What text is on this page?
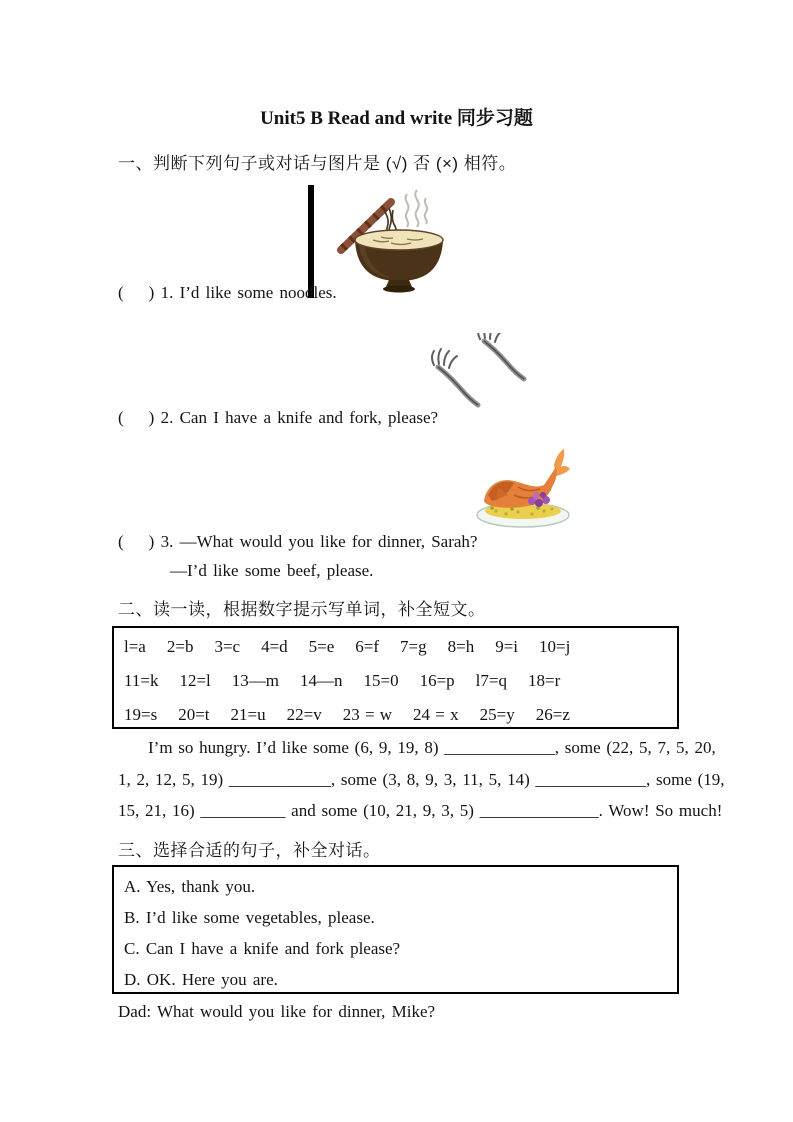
Unit5 B Read and write 同步习题
一、判断下列句子或对话与图片是 (√) 否 (×) 相符。
(    ) 1. I’d like some noodles.
(    ) 2. Can I have a knife and fork, please?
(    ) 3. —What would you like for dinner, Sarah?
—I’d like some beef, please.
二、读一读，根据数字提示写单词，补全短文。
l=a    2=b    3=c    4=d    5=e    6=f    7=g    8=h    9=i    10=j
11=k    12=l    13—m    14—n    15=0    16=p    l7=q    18=r
19=s    20=t    21=u    22=v    23 = w    24 = x    25=y    26=z
I’m so hungry. I’d like some (6, 9, 19, 8) _____________, some (22, 5, 7, 5, 20,
1, 2, 12, 5, 19) ____________, some (3, 8, 9, 3, 11, 5, 14) _____________, some (19,
15, 21, 16) __________ and some (10, 21, 9, 3, 5) ______________. Wow! So much!
三、选择合适的句子，补全对话。
A. Yes, thank you.
B. I’d like some vegetables, please.
C. Can I have a knife and fork please?
D. OK. Here you are.
Dad: What would you like for dinner, Mike?
